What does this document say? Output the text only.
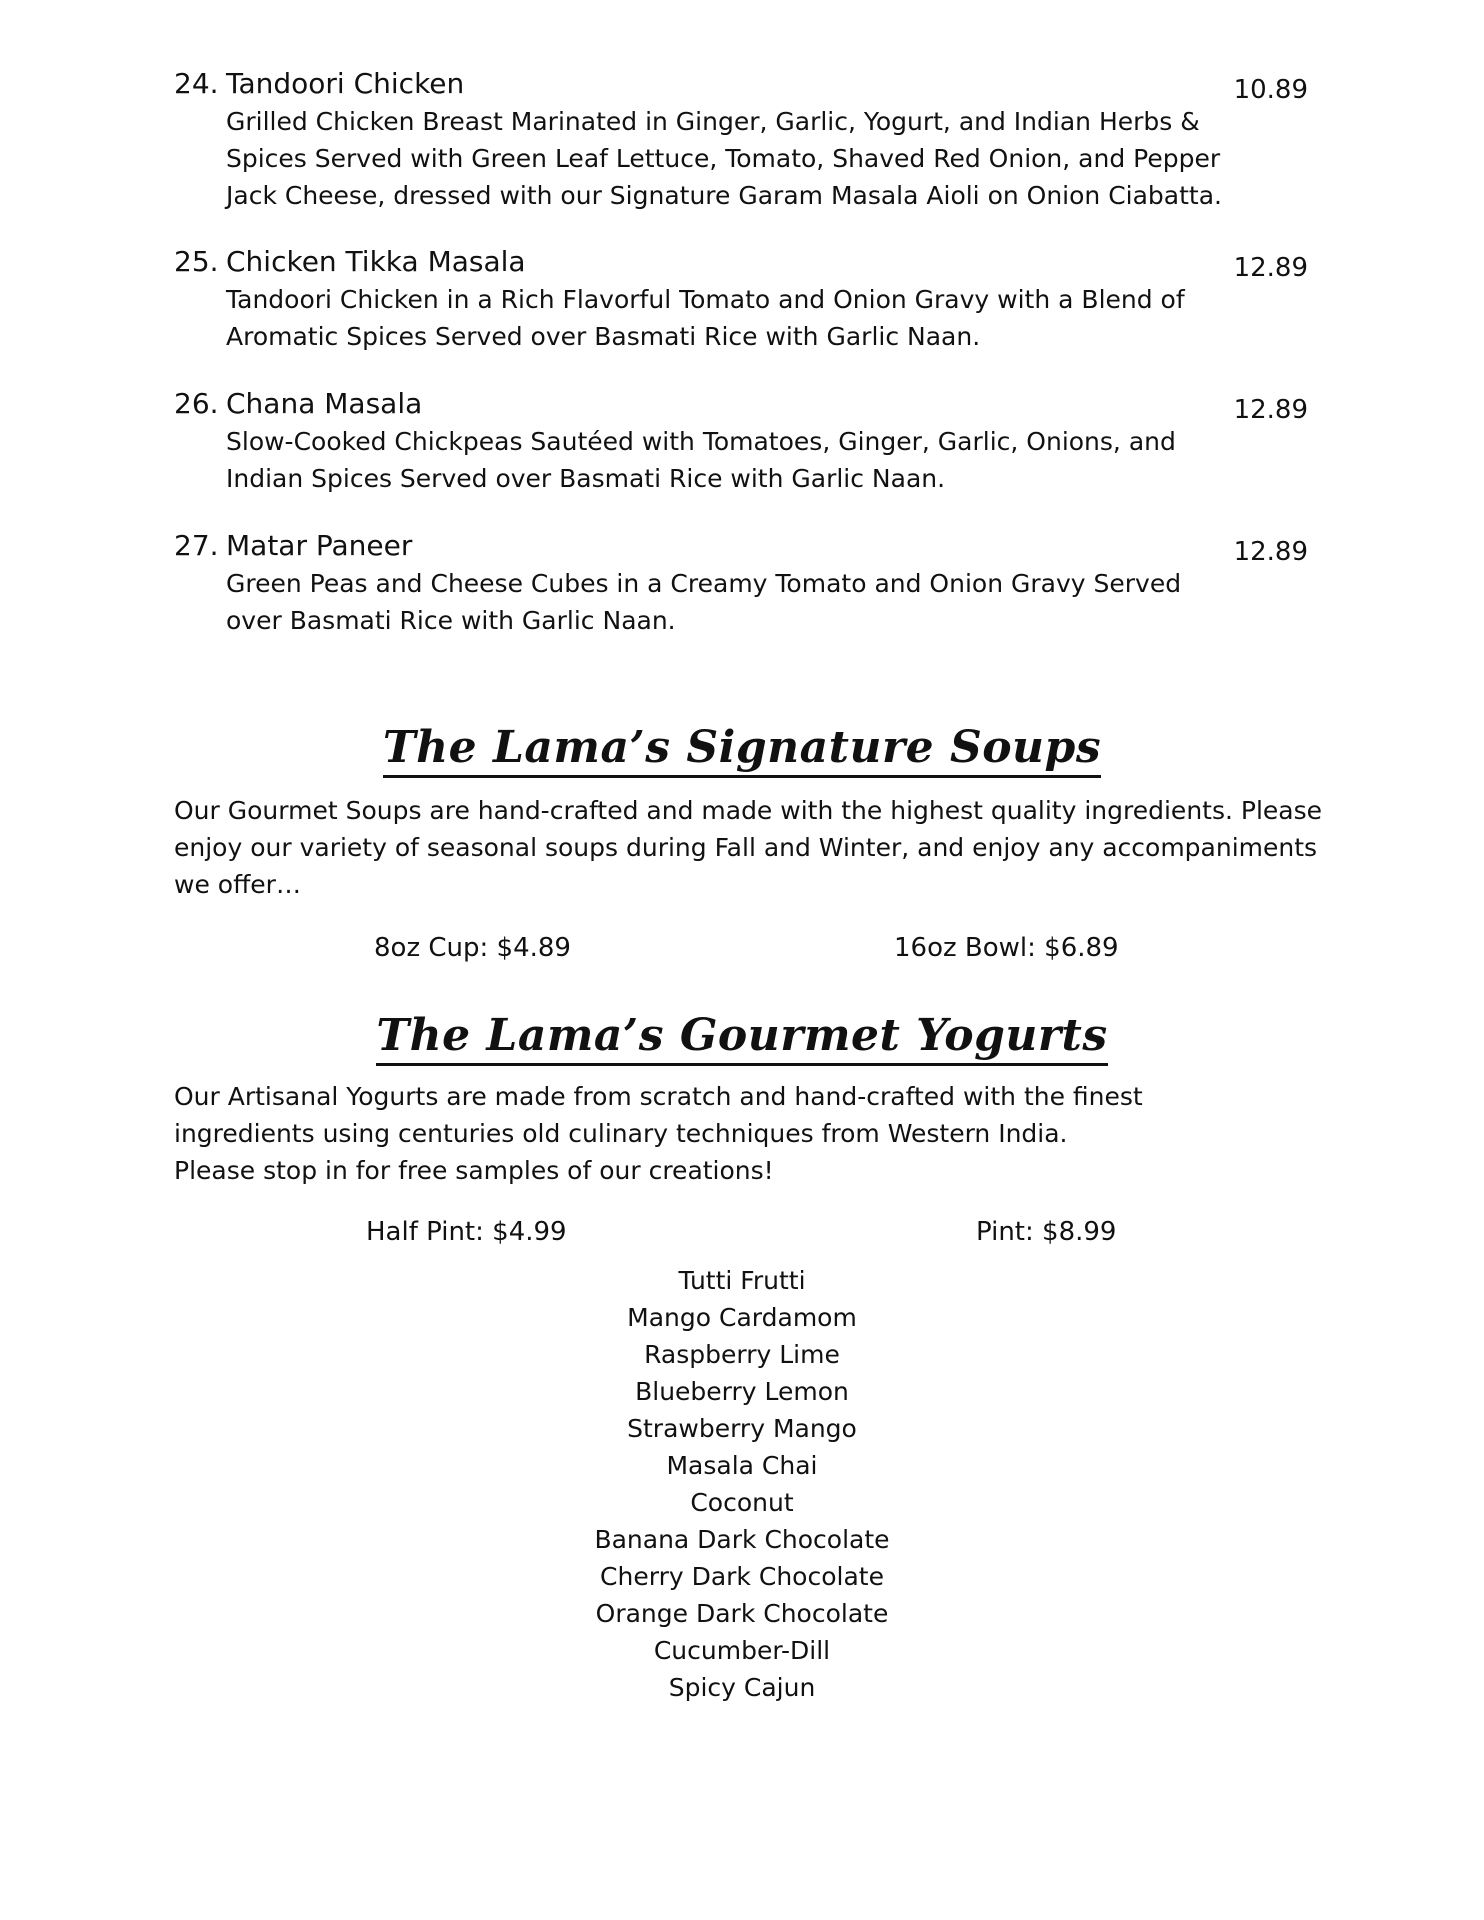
24. Tandoori Chicken	10.89

Grilled Chicken Breast Marinated in Ginger, Garlic, Yogurt, and Indian Herbs & Spices Served with Green Leaf Lettuce, Tomato, Shaved Red Onion, and Pepper Jack Cheese, dressed with our Signature Garam Masala Aioli on Onion Ciabatta.

25. Chicken Tikka Masala	12.89

Tandoori Chicken in a Rich Flavorful Tomato and Onion Gravy with a Blend of Aromatic Spices Served over Basmati Rice with Garlic Naan.

26. Chana Masala	12.89

Slow-Cooked Chickpeas Sautéed with Tomatoes, Ginger, Garlic, Onions, and Indian Spices Served over Basmati Rice with Garlic Naan.

27. Matar Paneer	12.89

Green Peas and Cheese Cubes in a Creamy Tomato and Onion Gravy Served over Basmati Rice with Garlic Naan.

The Lama’s Signature Soups

Our Gourmet Soups are hand-crafted and made with the highest quality ingredients. Please enjoy our variety of seasonal soups during Fall and Winter, and enjoy any accompaniments we offer…

8oz Cup: $4.89	16oz Bowl: $6.89
The Lama’s Gourmet Yogurts

Our Artisanal Yogurts are made from scratch and hand-crafted with the finest ingredients using centuries old culinary techniques from Western India.

Please stop in for free samples of our creations!

Half Pint: $4.99	Pint: $8.99
Tutti Frutti
Mango Cardamom
Raspberry Lime
Blueberry Lemon
Strawberry Mango
Masala Chai
Coconut
Banana Dark Chocolate
Cherry Dark Chocolate
Orange Dark Chocolate
Cucumber-Dill
Spicy Cajun
